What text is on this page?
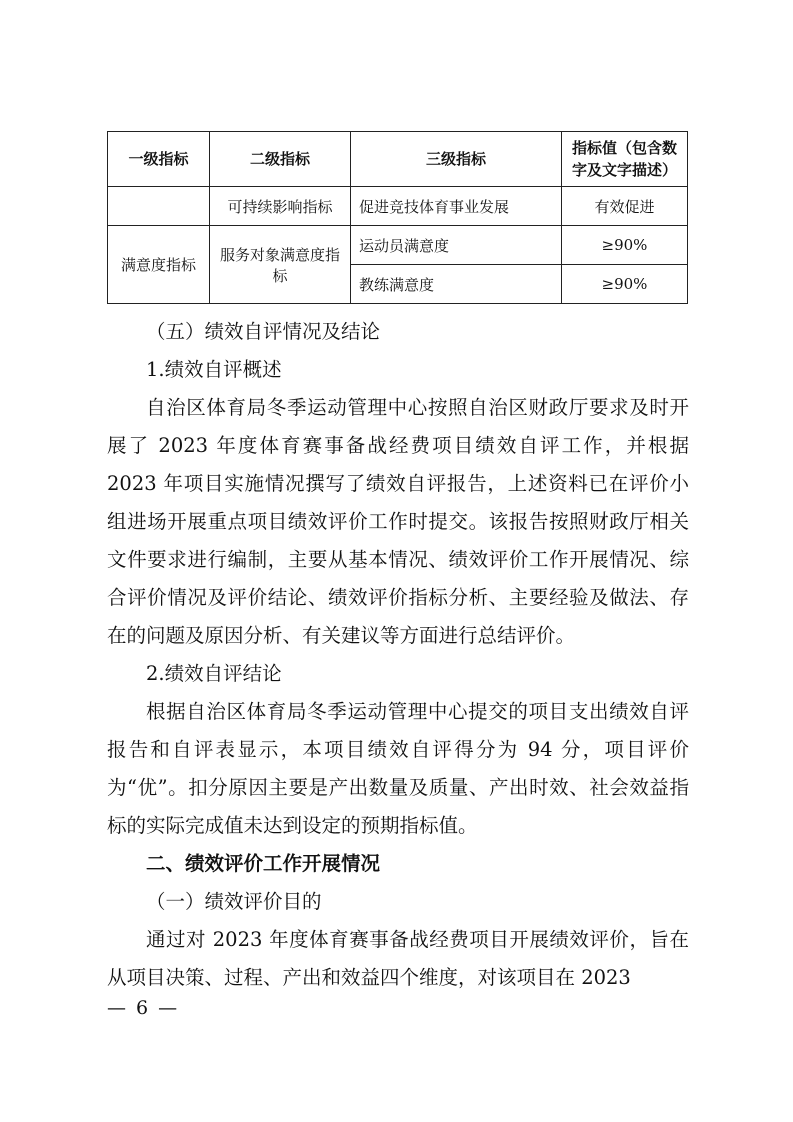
一级指标	二级指标	三级指标	指标值（包含数字及文字描述）
	可持续影响指标	促进竞技体育事业发展	有效促进
满意度指标	服务对象满意度指标	运动员满意度	≥90%
		教练满意度	≥90%

（五）绩效自评情况及结论

1.绩效自评概述

自治区体育局冬季运动管理中心按照自治区财政厅要求及时开展了 2023 年度体育赛事备战经费项目绩效自评工作，并根据 2023 年项目实施情况撰写了绩效自评报告，上述资料已在评价小组进场开展重点项目绩效评价工作时提交。该报告按照财政厅相关文件要求进行编制，主要从基本情况、绩效评价工作开展情况、综合评价情况及评价结论、绩效评价指标分析、主要经验及做法、存在的问题及原因分析、有关建议等方面进行总结评价。

2.绩效自评结论

根据自治区体育局冬季运动管理中心提交的项目支出绩效自评报告和自评表显示，本项目绩效自评得分为 94 分，项目评价为“优”。扣分原因主要是产出数量及质量、产出时效、社会效益指标的实际完成值未达到设定的预期指标值。

二、绩效评价工作开展情况

（一）绩效评价目的

通过对 2023 年度体育赛事备战经费项目开展绩效评价，旨在从项目决策、过程、产出和效益四个维度，对该项目在 2023

— 6 —
